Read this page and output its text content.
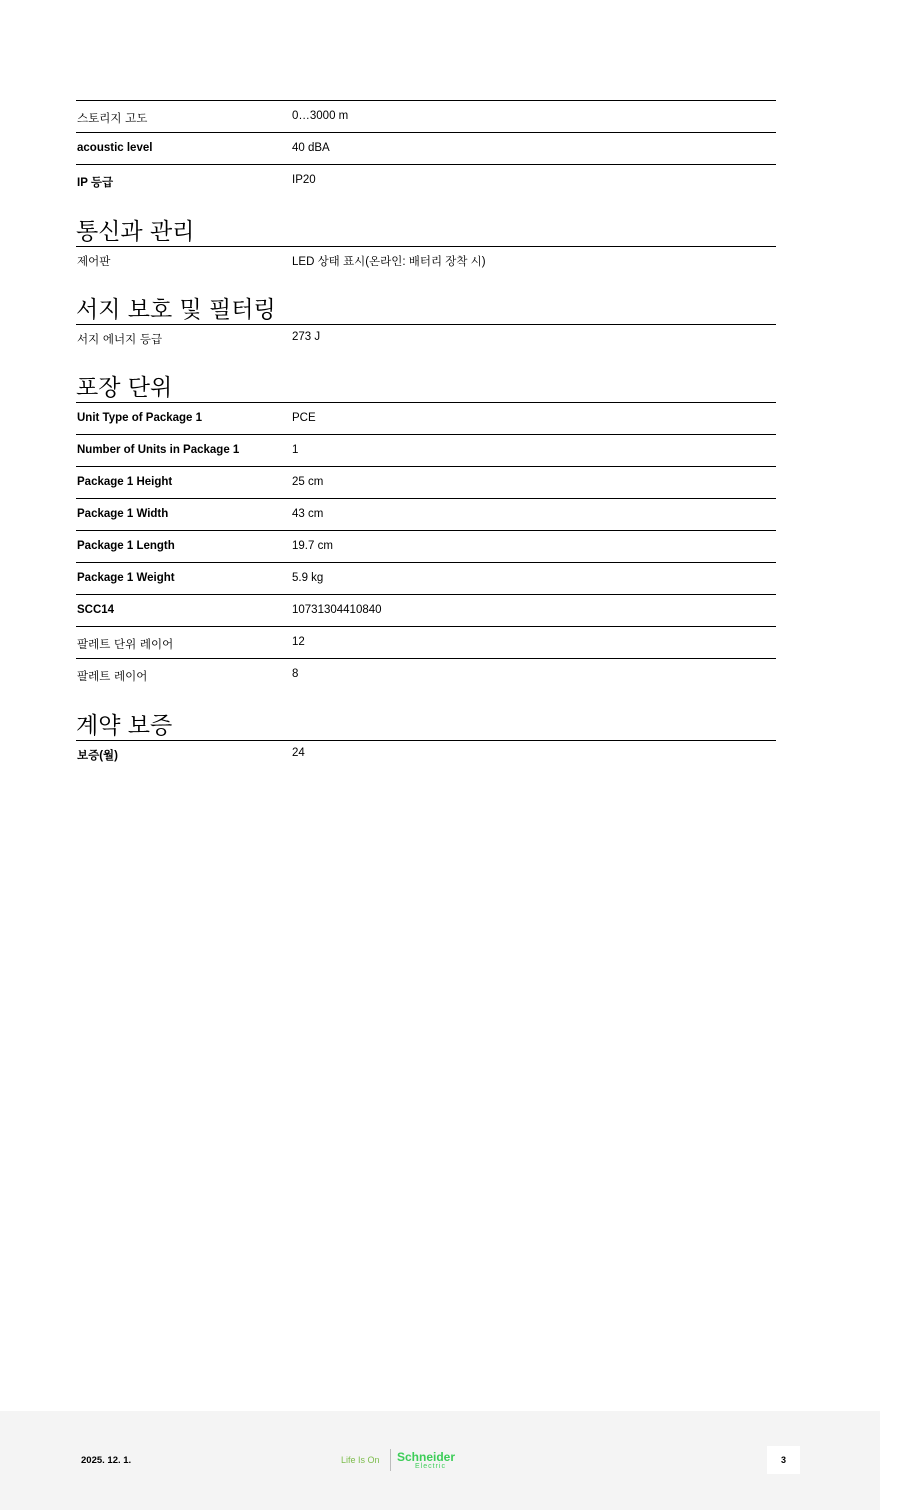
스토리지 고도	0…3000 m
acoustic level	40 dBA
IP 등급	IP20
통신과 관리
제어판	LED 상태 표시(온라인: 배터리 장착 시)
서지 보호 및 필터링
서지 에너지 등급	273 J
포장 단위
Unit Type of Package 1	PCE
Number of Units in Package 1	1
Package 1 Height	25 cm
Package 1 Width	43 cm
Package 1 Length	19.7 cm
Package 1 Weight	5.9 kg
SCC14	10731304410840
팔레트 단위 레이어	12
팔레트 레이어	8
계약 보증
보증(월)	24
2025. 12. 1.	Life Is On Schneider
Electric
3
